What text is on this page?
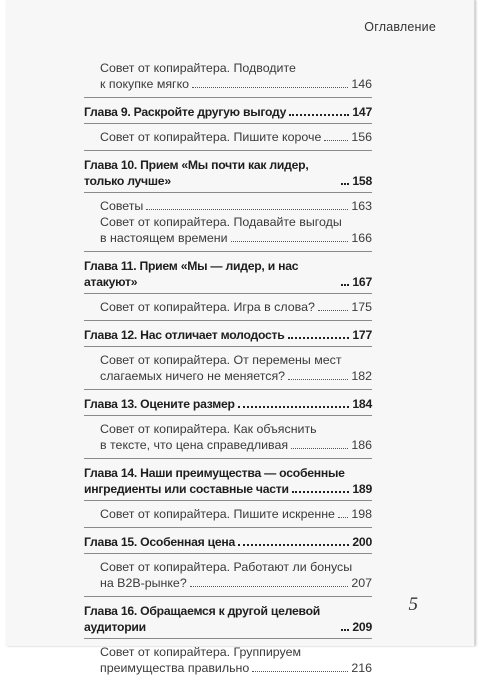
Оглавление
Совет от копирайтера. Подводите
к покупке мягко	146
Глава 9. Раскройте другую выгоду	147
Совет от копирайтера. Пишите короче 156
Глава 10. Прием «Мы почти как лидер, только лучше»	158
Советы	163
Совет от копирайтера. Подавайте выгоды
в настоящем времени	166
Глава 11. Прием «Мы — лидер, и нас атакуют»	167
Совет от копирайтера. Игра в слова?	175
Глава 12. Нас отличает молодость	177
Совет от копирайтера. От перемены мест
слагаемых ничего не меняется?	182
Глава 13. Оцените размер	184
Совет от копирайтера. Как объяснить
в тексте, что цена справедливая	186
Глава 14. Наши преимущества — особенные
ингредиенты или составные части	189
Совет от копирайтера. Пишите искренне 198
Глава 15. Особенная цена	200
Совет от копирайтера. Работают ли бонусы
на B2B-рынке?	207
Глава 16. Обращаемся к другой целевой аудитории	209
Совет от копирайтера. Группируем
преимущества правильно	216
5
